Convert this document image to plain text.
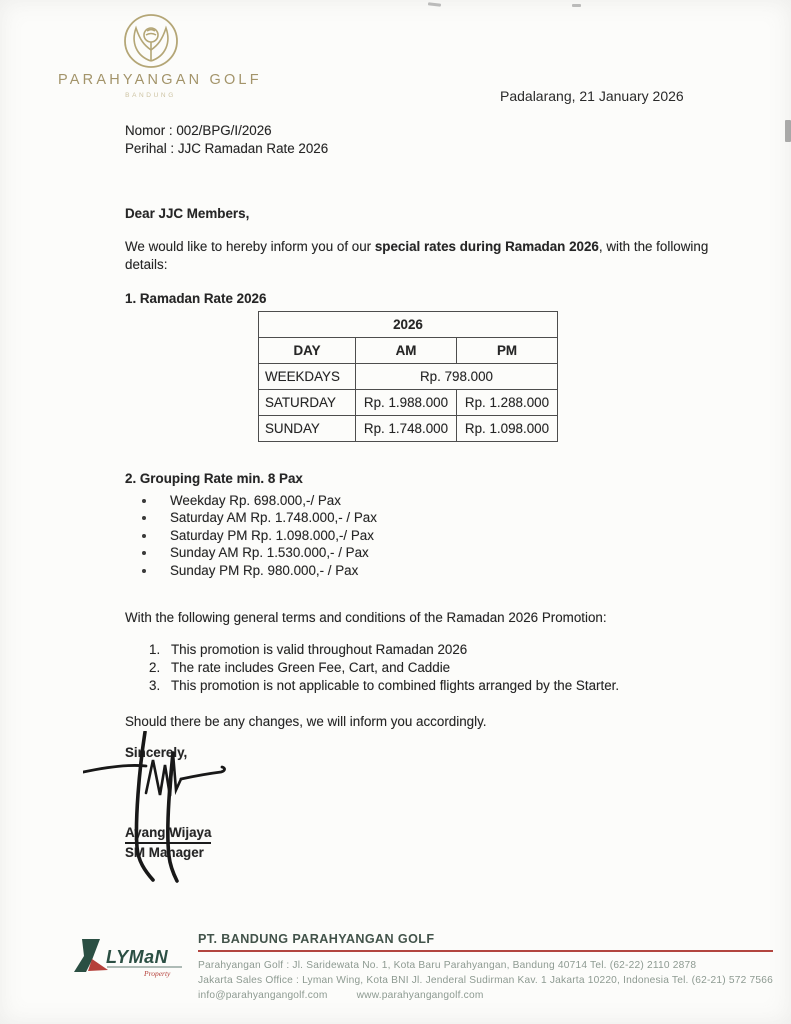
PARAHYANGAN GOLF
BANDUNG	Padalarang, 21 January 2026

Nomor : 002/BPG/I/2026

Perihal : JJC Ramadan Rate 2026

Dear JJC Members,

We would like to hereby inform you of our special rates during Ramadan 2026, with the following details:

1. Ramadan Rate 2026

2026		
DAY	AM	PM
WEEKDAYS	Rp. 798.000	
SATURDAY	Rp. 1.988.000	Rp. 1.288.000
SUNDAY	Rp. 1.748.000	Rp. 1.098.000

2. Grouping Rate min. 8 Pax

Weekday Rp. 698.000,-/ Pax
Saturday AM Rp. 1.748.000,- / Pax
Saturday PM Rp. 1.098.000,-/ Pax
Sunday AM Rp. 1.530.000,- / Pax
Sunday PM Rp. 980.000,- / Pax

With the following general terms and conditions of the Ramadan 2026 Promotion:

1. This promotion is valid throughout Ramadan 2026
2. The rate includes Green Fee, Cart, and Caddie
3. This promotion is not applicable to combined flights arranged by the Starter.

Should there be any changes, we will inform you accordingly.

Sincerely,

Ayang Wijaya
SM Manager
LYMaN
Property
PT. BANDUNG PARAHYANGAN GOLF

Parahyangan Golf : Jl. Saridewata No. 1, Kota Baru Parahyangan, Bandung 40714 Tel. (62-22) 2110 2878

Jakarta Sales Office : Lyman Wing, Kota BNI Jl. Jenderal Sudirman Kav. 1 Jakarta 10220, Indonesia Tel. (62-21) 572 7566

info@parahyangangolf.com	www.parahyangangolf.com
